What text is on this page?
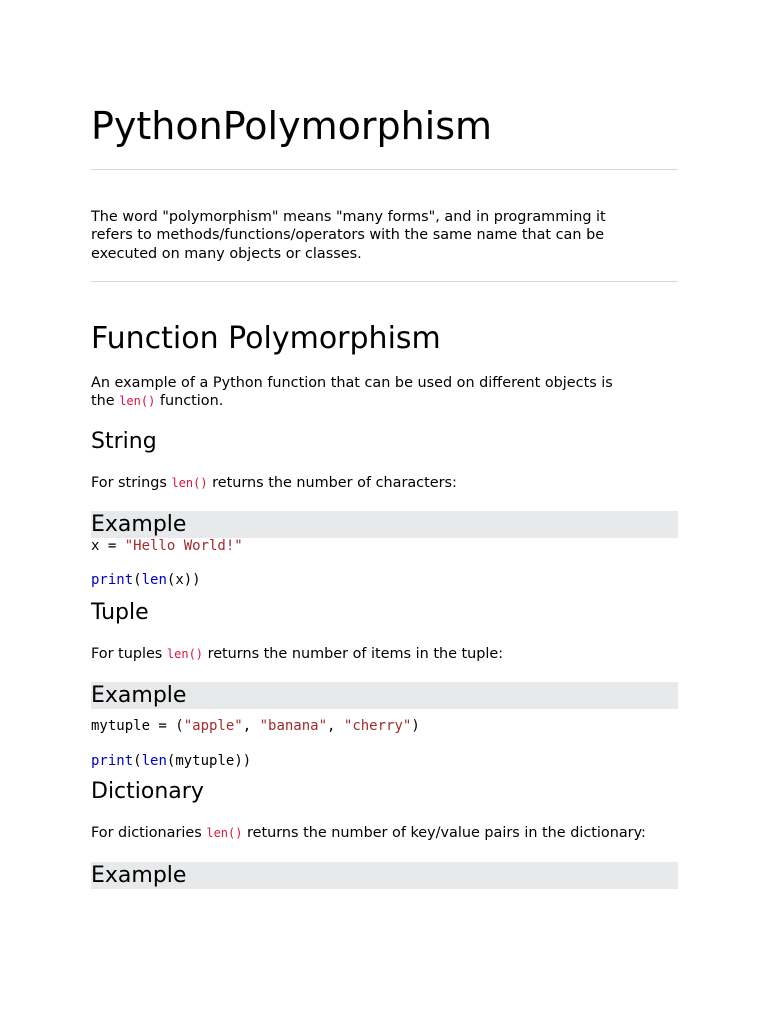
PythonPolymorphism

The word "polymorphism" means "many forms", and in programming it refers to methods/functions/operators with the same name that can be executed on many objects or classes.

Function Polymorphism

An example of a Python function that can be used on different objects is the len() function.

String

For strings len() returns the number of characters:

Example
x = "Hello World!"
print(len(x))
Tuple

For tuples len() returns the number of items in the tuple:

Example
mytuple = ("apple", "banana", "cherry")
print(len(mytuple))
Dictionary

For dictionaries len() returns the number of key/value pairs in the dictionary:

Example
